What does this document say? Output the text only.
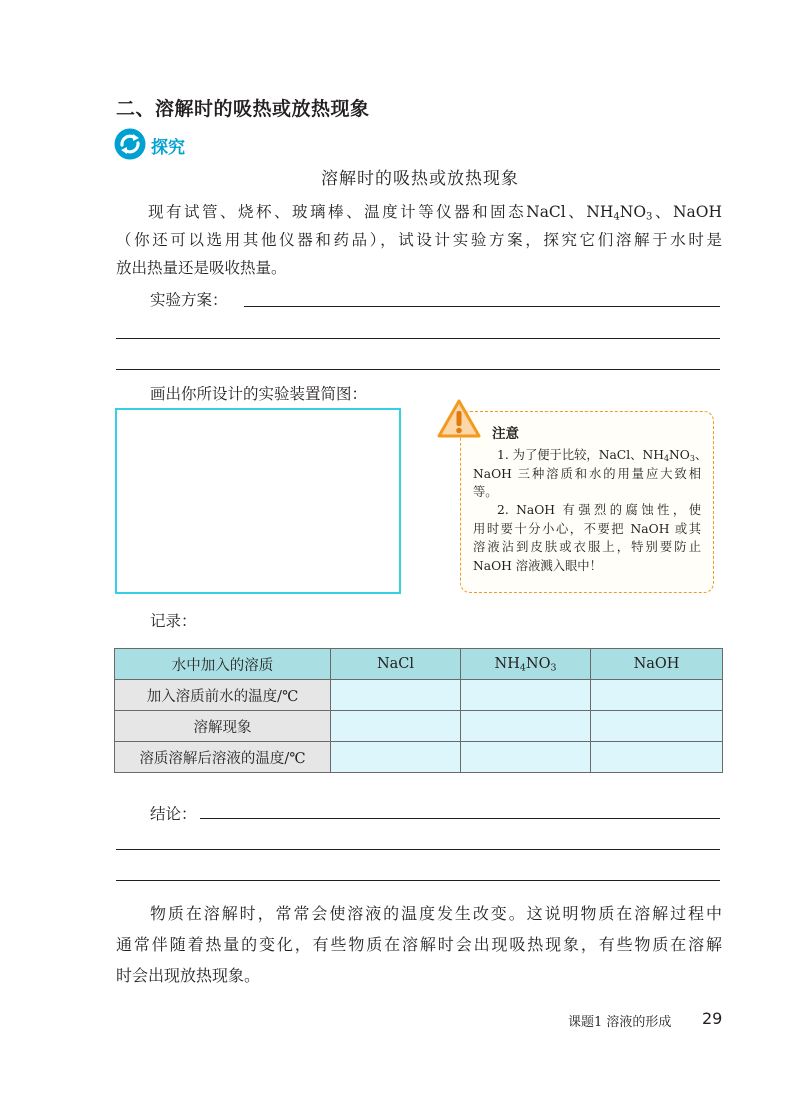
二、溶解时的吸热或放热现象
探究
溶解时的吸热或放热现象
现有试管、烧杯、玻璃棒、温度计等仪器和固态NaCl、$NH_4NO_3$、NaOH
（你还可以选用其他仪器和药品），试设计实验方案，探究它们溶解于水时是
放出热量还是吸收热量。
实验方案：
画出你所设计的实验装置简图：
注意
1. 为了便于比较，NaCl、$NH_4NO_3$、
NaOH 三种溶质和水的用量应大致相
等。
2. NaOH 有强烈的腐蚀性，使
用时要十分小心，不要把 NaOH 或其
溶液沾到皮肤或衣服上，特别要防止
NaOH 溶液溅入眼中！
记录：
水中加入的溶质	NaCl	$NH_4NO_3$	NaOH
加入溶质前水的温度/℃			
溶解现象			
溶质溶解后溶液的温度/℃			
结论：
物质在溶解时，常常会使溶液的温度发生改变。这说明物质在溶解过程中
通常伴随着热量的变化，有些物质在溶解时会出现吸热现象，有些物质在溶解
时会出现放热现象。
课题1 溶液的形成 29
